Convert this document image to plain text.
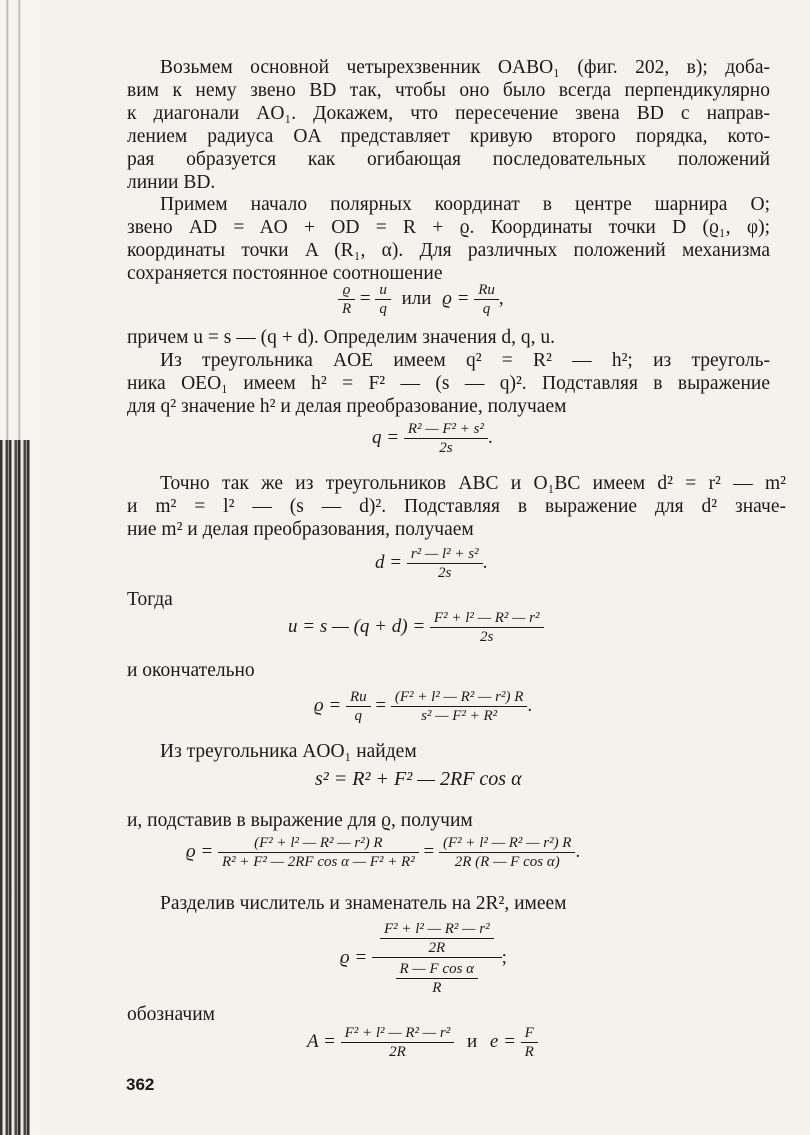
Возьмем основной четырехзвенник OABO₁ (фиг. 202, в); доба-
вим к нему звено BD так, чтобы оно было всегда перпендикулярно
к диагонали AO₁. Докажем, что пересечение звена BD с направ-
лением радиуса OA представляет кривую второго порядка, кото-
рая образуется как огибающая последовательных положений
линии BD.
Примем начало полярных координат в центре шарнира O;
звено AD = AO + OD = R + ϱ. Координаты точки D (ϱ₁, φ);
координаты точки A (R₁, α). Для различных положений механизма
сохраняется постоянное соотношение
$\frac{ϱ}{R} = \frac{u}{q}$ или $ϱ = \frac{Ru}{q}$ ,
причем u = s — (q + d). Определим значения d, q, u.
Из треугольника AOE имеем q² = R² — h²; из треуголь-
ника OEO₁ имеем h² = F² — (s — q)². Подставляя в выражение
для q² значение h² и делая преобразование, получаем
$q = \frac{\text{R² — F² + s²}}{2s}$ .
Точно так же из треугольников ABC и O₁BC имеем d² = r² — m²
и m² = l² — (s — d)². Подставляя в выражение для d² значе-
ние m² и делая преобразования, получаем
$d = \frac{\text{r² — l² + s²}}{2s}$ .
Тогда
u = s — $(q + d) = \frac{\text{F² + l² — R² — r²}}{2s}$
и окончательно
$ϱ = \frac{Ru}{q} = \frac{\text{(F² + l² — R² — r²) R}}{\text{s² — F² + R²}}$ .
Из треугольника AOO₁ найдем
s² = R² + F² — 2RF cos α
и, подставив в выражение для ϱ, получим
$ϱ = \frac{\text{(F² + l² — R² — r²) R}}{\text{R² + F² — 2RF cos α — F² + R²}} = \frac{\text{(F² + l² — R² — r²) R}}{\text{2R (R — F cos α)}}$ .
Разделив числитель и знаменатель на 2R², имеем
$ϱ = \frac{\frac{\text{F² + l² — R² — r²}}{2R}}{\frac{\text{R — F cos α}}{R}}$ ;
обозначим
$A = \frac{\text{F² + l² — R² — r²}}{2R}$ и $e = \frac{F}{R}$
362
